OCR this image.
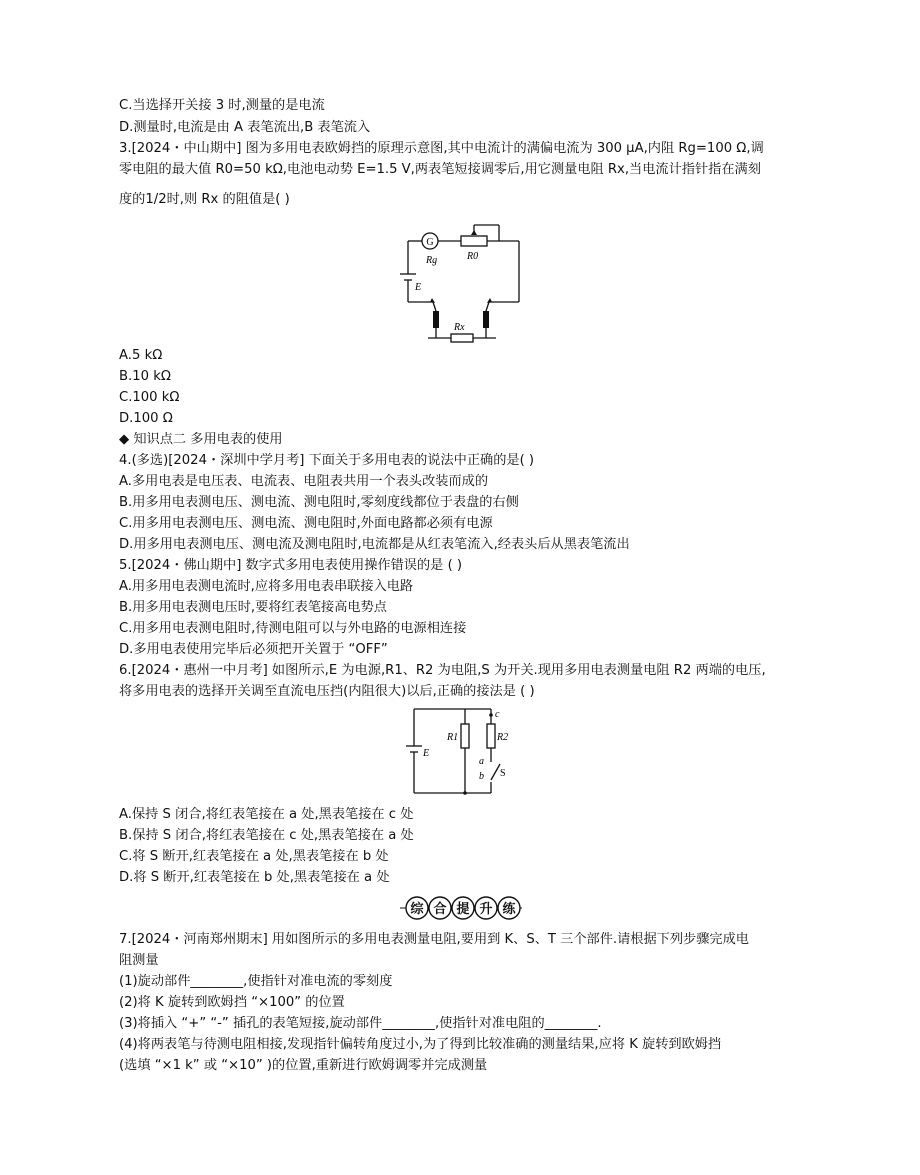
C.当选择开关接 3 时,测量的是电流
D.测量时,电流是由 A 表笔流出,B 表笔流入
3.[2024・中山期中] 图为多用电表欧姆挡的原理示意图,其中电流计的满偏电流为 300 μA,内阻 Rg=100 Ω,调
零电阻的最大值 R0=50 kΩ,电池电动势 E=1.5 V,两表笔短接调零后,用它测量电阻 Rx,当电流计指针指在满刻
度的1/2时,则 Rx 的阻值是( )
G
Rg	R0
E
Rx
A.5 kΩ
B.10 kΩ
C.100 kΩ
D.100 Ω
◆ 知识点二 多用电表的使用
4.(多选)[2024・深圳中学月考] 下面关于多用电表的说法中正确的是( )
A.多用电表是电压表、电流表、电阻表共用一个表头改装而成的
B.用多用电表测电压、测电流、测电阻时,零刻度线都位于表盘的右侧
C.用多用电表测电压、测电流、测电阻时,外面电路都必须有电源
D.用多用电表测电压、测电流及测电阻时,电流都是从红表笔流入,经表头后从黑表笔流出
5.[2024・佛山期中] 数字式多用电表使用操作错误的是 ( )
A.用多用电表测电流时,应将多用电表串联接入电路
B.用多用电表测电压时,要将红表笔接高电势点
C.用多用电表测电阻时,待测电阻可以与外电路的电源相连接
D.多用电表使用完毕后必须把开关置于 “OFF”
6.[2024・惠州一中月考] 如图所示,E 为电源,R1、R2 为电阻,S 为开关.现用多用电表测量电阻 R2 两端的电压,
将多用电表的选择开关调至直流电压挡(内阻很大)以后,正确的接法是 ( )
c
E
R1	R2
a
b S
A.保持 S 闭合,将红表笔接在 a 处,黑表笔接在 c 处
B.保持 S 闭合,将红表笔接在 c 处,黑表笔接在 a 处
C.将 S 断开,红表笔接在 a 处,黑表笔接在 b 处
D.将 S 断开,红表笔接在 b 处,黑表笔接在 a 处
综 合 提 升 练
7.[2024・河南郑州期末] 用如图所示的多用电表测量电阻,要用到 K、S、T 三个部件.请根据下列步骤完成电
阻测量
(1)旋动部件________,使指针对准电流的零刻度
(2)将 K 旋转到欧姆挡 “×100” 的位置
(3)将插入 “+” “-” 插孔的表笔短接,旋动部件________,使指针对准电阻的________.
(4)将两表笔与待测电阻相接,发现指针偏转角度过小,为了得到比较准确的测量结果,应将 K 旋转到欧姆挡
(选填 “×1 k” 或 “×10” )的位置,重新进行欧姆调零并完成测量
